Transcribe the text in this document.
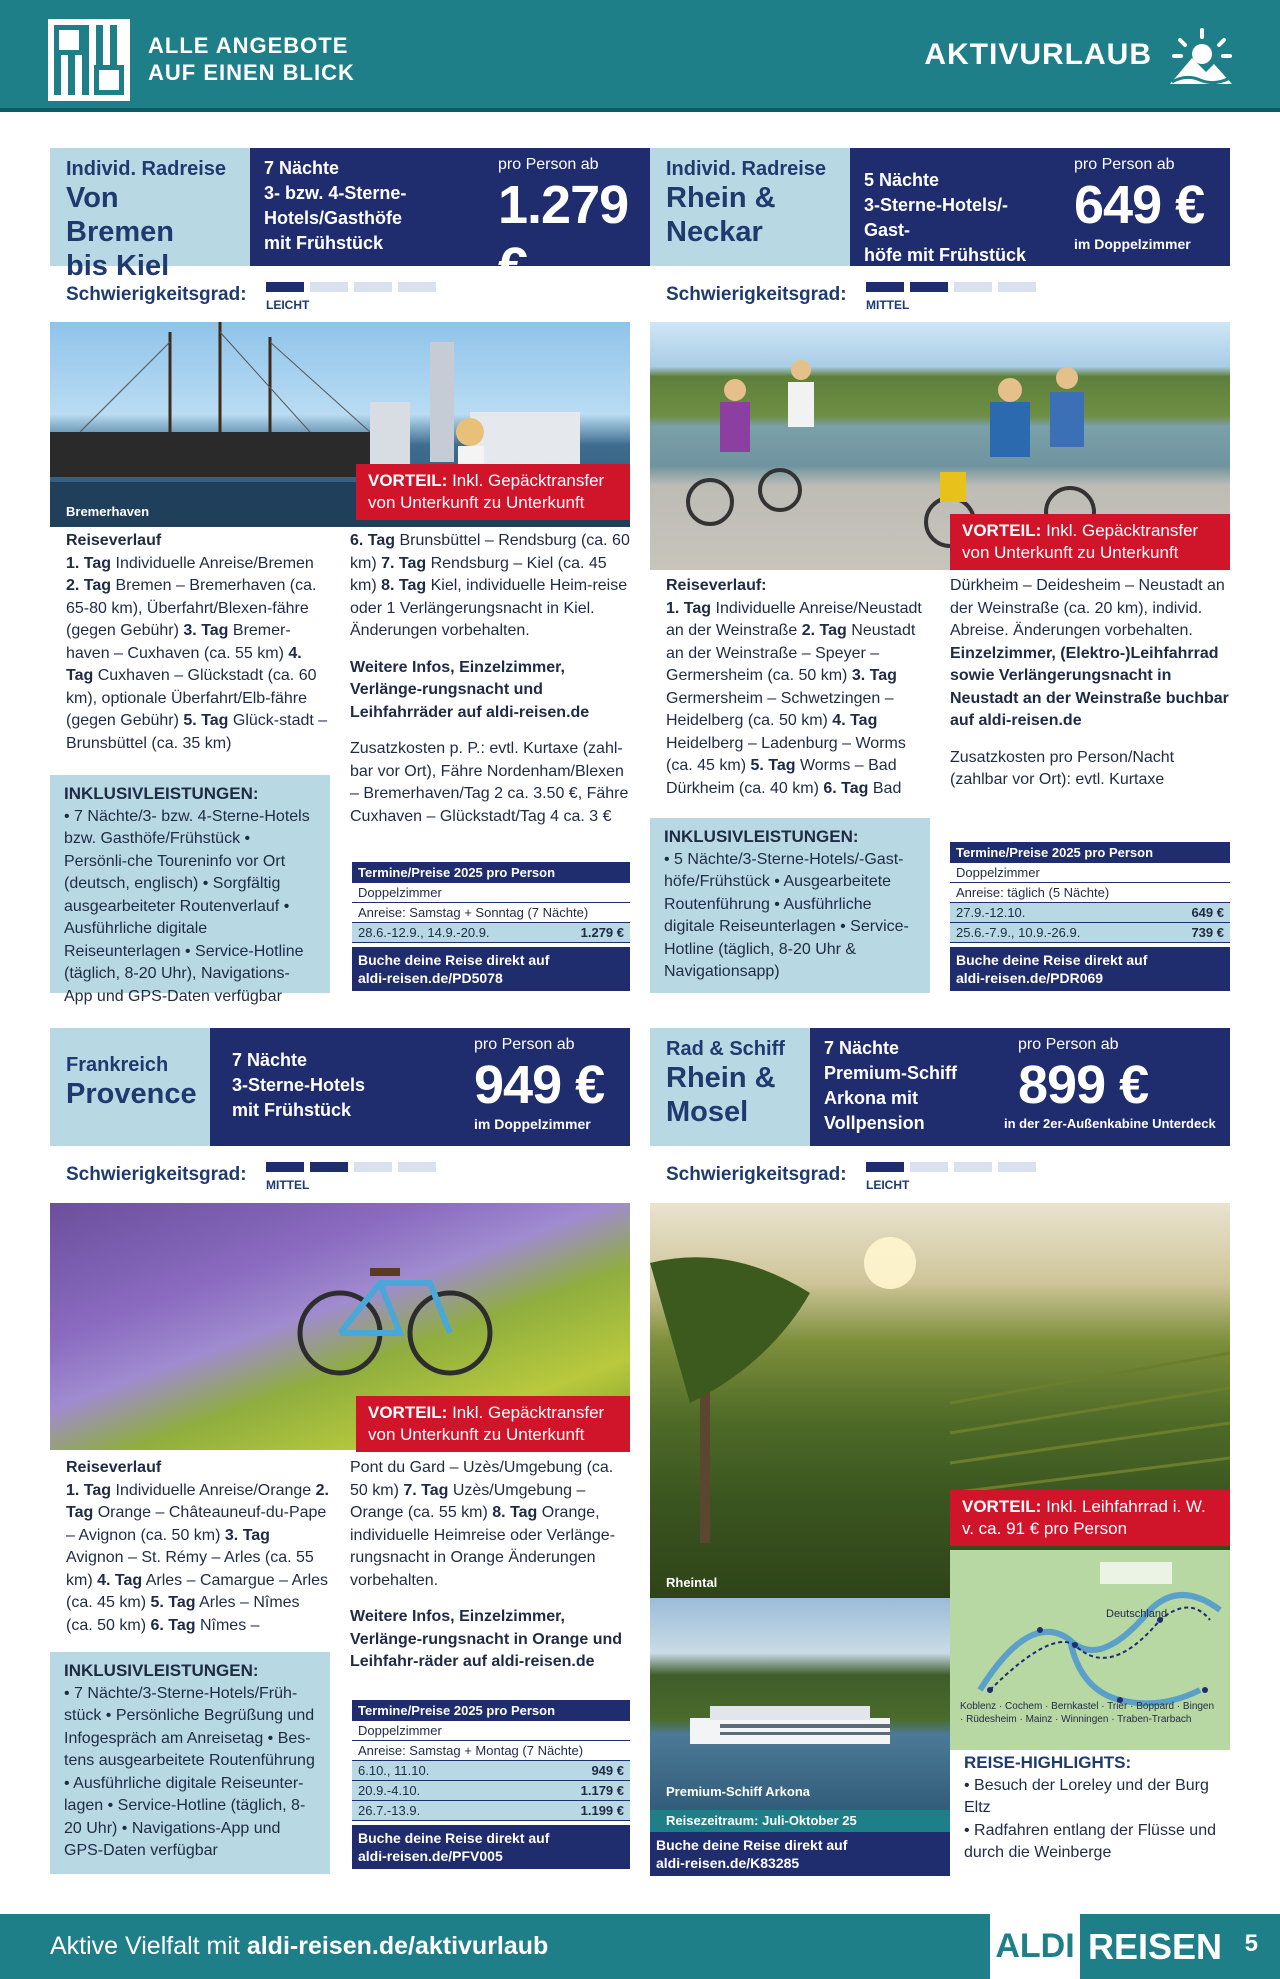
ALLE ANGEBOTE
AUF EINEN BLICK
AKTIVURLAUB
Individ. Radreise
Von Bremen
bis Kiel
7 Nächte
3- bzw. 4-Sterne-
Hotels/Gasthöfe
mit Frühstück
pro Person ab
1.279 €
im Doppelzimmer
Schwierigkeitsgrad: LEICHT
Bremerhaven
VORTEIL: Inkl. Gepäcktransfer von Unterkunft zu Unterkunft
Reiseverlauf
1. Tag Individuelle Anreise/Bremen 2. Tag Bremen – Bremerhaven (ca. 65-80 km), Überfahrt/Blexen-fähre (gegen Gebühr) 3. Tag Bremer-haven – Cuxhaven (ca. 55 km) 4. Tag Cuxhaven – Glückstadt (ca. 60 km), optionale Überfahrt/Elb-fähre (gegen Gebühr) 5. Tag Glück-stadt – Brunsbüttel (ca. 35 km)
6. Tag Brunsbüttel – Rendsburg (ca. 60 km) 7. Tag Rendsburg – Kiel (ca. 45 km) 8. Tag Kiel, individuelle Heim-reise oder 1 Verlängerungsnacht in Kiel. Änderungen vorbehalten.
Weitere Infos, Einzelzimmer, Verlänge-rungsnacht und Leihfahrräder auf aldi-reisen.de
Zusatzkosten p. P.: evtl. Kurtaxe (zahl-bar vor Ort), Fähre Nordenham/Blexen – Bremerhaven/Tag 2 ca. 3.50 €, Fähre Cuxhaven – Glückstadt/Tag 4 ca. 3 €
INKLUSIVLEISTUNGEN:
• 7 Nächte/3- bzw. 4-Sterne-Hotels bzw. Gasthöfe/Frühstück • Persönli-che Toureninfo vor Ort (deutsch, englisch) • Sorgfältig ausgearbeiteter Routenverlauf • Ausführliche digitale Reiseunterlagen • Service-Hotline (täglich, 8-20 Uhr), Navigations-App und GPS-Daten verfügbar
Termine/Preise 2025 pro Person
Doppelzimmer
Anreise: Samstag + Sonntag (7 Nächte)
28.6.-12.9., 14.9.-20.9.	1.279 €
Buche deine Reise direkt auf
aldi-reisen.de/PD5078
Individ. Radreise
Rhein &
Neckar
5 Nächte
3-Sterne-Hotels/-Gast-
höfe mit Frühstück
pro Person ab
649 €
im Doppelzimmer
Schwierigkeitsgrad: MITTEL
VORTEIL: Inkl. Gepäcktransfer von Unterkunft zu Unterkunft
Reiseverlauf:
1. Tag Individuelle Anreise/Neustadt an der Weinstraße 2. Tag Neustadt an der Weinstraße – Speyer – Germersheim (ca. 50 km) 3. Tag Germersheim – Schwetzingen – Heidelberg (ca. 50 km) 4. Tag Heidelberg – Ladenburg – Worms (ca. 45 km) 5. Tag Worms – Bad Dürkheim (ca. 40 km) 6. Tag Bad
Dürkheim – Deidesheim – Neustadt an der Weinstraße (ca. 20 km), individ. Abreise. Änderungen vorbehalten.
Einzelzimmer, (Elektro-)Leihfahrrad sowie Verlängerungsnacht in Neustadt an der Weinstraße buchbar auf aldi-reisen.de
Zusatzkosten pro Person/Nacht (zahlbar vor Ort): evtl. Kurtaxe
INKLUSIVLEISTUNGEN:
• 5 Nächte/3-Sterne-Hotels/-Gast-höfe/Frühstück • Ausgearbeitete Routenführung • Ausführliche digitale Reiseunterlagen • Service-Hotline (täglich, 8-20 Uhr & Navigationsapp)
Termine/Preise 2025 pro Person
Doppelzimmer
Anreise: täglich (5 Nächte)
27.9.-12.10.	649 €
25.6.-7.9., 10.9.-26.9.	739 €
Buche deine Reise direkt auf
aldi-reisen.de/PDR069
Frankreich
Provence
7 Nächte
3-Sterne-Hotels
mit Frühstück
pro Person ab
949 €
im Doppelzimmer
Schwierigkeitsgrad: MITTEL
VORTEIL: Inkl. Gepäcktransfer von Unterkunft zu Unterkunft
Reiseverlauf
1. Tag Individuelle Anreise/Orange 2. Tag Orange – Châteauneuf-du-Pape – Avignon (ca. 50 km) 3. Tag Avignon – St. Rémy – Arles (ca. 55 km) 4. Tag Arles – Camargue – Arles (ca. 45 km) 5. Tag Arles – Nîmes (ca. 50 km) 6. Tag Nîmes –
Pont du Gard – Uzès/Umgebung (ca. 50 km) 7. Tag Uzès/Umgebung – Orange (ca. 55 km) 8. Tag Orange, individuelle Heimreise oder Verlänge-rungsnacht in Orange Änderungen vorbehalten.
Weitere Infos, Einzelzimmer, Verlänge-rungsnacht in Orange und Leihfahr-räder auf aldi-reisen.de
INKLUSIVLEISTUNGEN:
• 7 Nächte/3-Sterne-Hotels/Früh-stück • Persönliche Begrüßung und Infogespräch am Anreisetag • Bes-tens ausgearbeitete Routenführung • Ausführliche digitale Reiseunter-lagen • Service-Hotline (täglich, 8-20 Uhr) • Navigations-App und GPS-Daten verfügbar
Termine/Preise 2025 pro Person
Doppelzimmer
Anreise: Samstag + Montag (7 Nächte)
6.10., 11.10.	949 €
20.9.-4.10.	1.179 €
26.7.-13.9.	1.199 €
Buche deine Reise direkt auf
aldi-reisen.de/PFV005
Rad & Schiff
Rhein &
Mosel
7 Nächte
Premium-Schiff
Arkona mit
Vollpension
pro Person ab
899 €
in der 2er-Außenkabine Unterdeck
Schwierigkeitsgrad: LEICHT
Rheintal
Premium-Schiff Arkona
Reisezeitraum: Juli-Oktober 25
VORTEIL: Inkl. Leihfahrrad i. W. v. ca. 91 € pro Person
Deutschland
Koblenz · Cochem · Bernkastel · Trier · Boppard · Bingen · Rüdesheim · Mainz · Winningen · Traben-Trarbach
REISE-HIGHLIGHTS:
• Besuch der Loreley und der Burg Eltz
• Radfahren entlang der Flüsse und durch die Weinberge
Buche deine Reise direkt auf
aldi-reisen.de/K83285
Aktive Vielfalt mit aldi-reisen.de/aktivurlaub	ALDI REISEN 5
